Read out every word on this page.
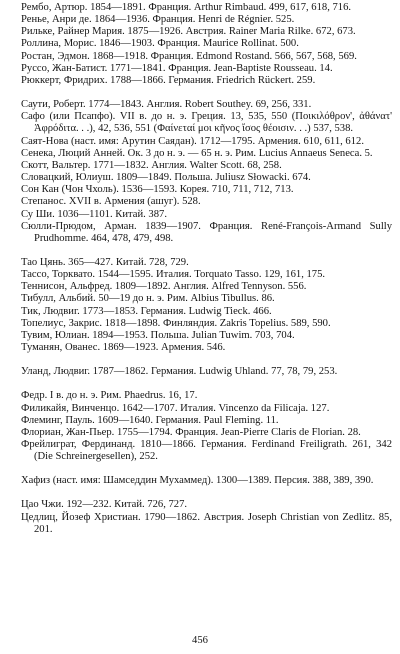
Рембо, Артюр. 1854—1891. Франция. Arthur Rimbaud. 499, 617, 618, 716.

Ренье, Анри де. 1864—1936. Франция. Henri de Régnier. 525.

Рильке, Райнер Мария. 1875—1926. Австрия. Rainer Maria Rilke. 672, 673.

Роллина, Морис. 1846—1903. Франция. Maurice Rollinat. 500.

Ростан, Эдмон. 1868—1918. Франция. Edmond Rostand. 566, 567, 568, 569.

Руссо, Жан-Батист. 1771—1841. Франция. Jean-Baptiste Rousseau. 14.

Рюккерт, Фридрих. 1788—1866. Германия. Friedrich Rückert. 259.

Саути, Роберт. 1774—1843. Англия. Robert Southey. 69, 256, 331.

Сафо (или Псапфо). VII в. до н. э. Греция. 13, 535, 550 (Ποικιλόθρον', ἀθάνατ' Ἀφρόδιτα. . .), 42, 536, 551 (Φαίνεταί μοι κῆνος ἴσος θέοισιν. . .) 537, 538.

Саят-Нова (наст. имя: Арутин Саядан). 1712—1795. Армения. 610, 611, 612.

Сенека, Люций Анней. Ок. 3 до н. э. — 65 н. э. Рим. Lucius Annaeus Seneca. 5.

Скотт, Вальтер. 1771—1832. Англия. Walter Scott. 68, 258.

Словацкий, Юлиуш. 1809—1849. Польша. Juliusz Słowacki. 674.

Сон Кан (Чон Чхоль). 1536—1593. Корея. 710, 711, 712, 713.

Степанос. XVII в. Армения (ашуг). 528.

Су Ши. 1036—1101. Китай. 387.

Сюлли-Прюдом, Арман. 1839—1907. Франция. René-François-Armand Sully Prudhomme. 464, 478, 479, 498.

Тао Цянь. 365—427. Китай. 728, 729.

Тассо, Торквато. 1544—1595. Италия. Torquato Tasso. 129, 161, 175.

Теннисон, Альфред. 1809—1892. Англия. Alfred Tennyson. 556.

Тибулл, Альбий. 50—19 до н. э. Рим. Albius Tibullus. 86.

Тик, Людвиг. 1773—1853. Германия. Ludwig Tieck. 466.

Топелиус, Закрис. 1818—1898. Финляндия. Zakris Topelius. 589, 590.

Тувим, Юлиан. 1894—1953. Польша. Julian Tuwim. 703, 704.

Туманян, Ованес. 1869—1923. Армения. 546.

Уланд, Людвиг. 1787—1862. Германия. Ludwig Uhland. 77, 78, 79, 253.

Федр. I в. до н. э. Рим. Phaedrus. 16, 17.

Филикайя, Винченцо. 1642—1707. Италия. Vincenzo da Filicaja. 127.

Флеминг, Пауль. 1609—1640. Германия. Paul Fleming. 11.

Флориан, Жан-Пьер. 1755—1794. Франция. Jean-Pierre Claris de Florian. 28.

Фрейлиграт, Фердинанд. 1810—1866. Германия. Ferdinand Freiligrath. 261, 342 (Die Schreinergesellen), 252.

Хафиз (наст. имя: Шамседдин Мухаммед). 1300—1389. Персия. 388, 389, 390.

Цао Чжи. 192—232. Китай. 726, 727.

Цедлиц, Йозеф Христиан. 1790—1862. Австрия. Joseph Christian von Zedlitz. 85, 201.

456
